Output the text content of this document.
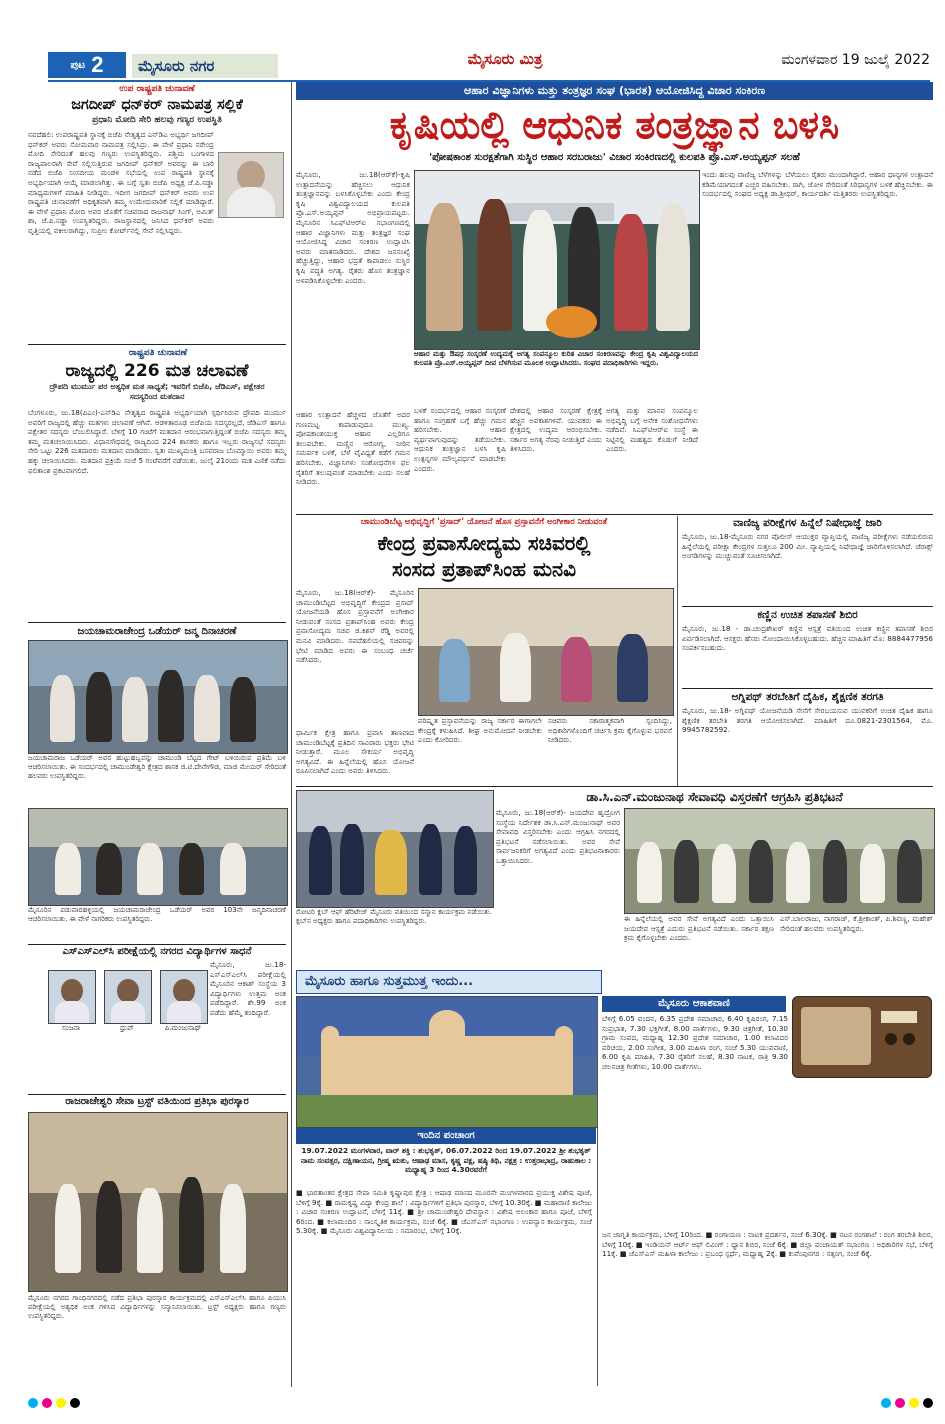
ಪುಟ 2	ಮೈಸೂರು ನಗರ	ಮೈಸೂರು ಮಿತ್ರ	ಮಂಗಳವಾರ 19 ಜುಲೈ 2022
ಉಪ ರಾಷ್ಟ್ರಪತಿ ಚುನಾವಣೆ
ಜಗದೀಪ್ ಧನ್‌ಕರ್ ನಾಮಪತ್ರ ಸಲ್ಲಿಕೆ
ಪ್ರಧಾನಿ ಮೋದಿ ಸೇರಿ ಹಲವು ಗಣ್ಯರ ಉಪಸ್ಥಿತಿ
ನವದೆಹಲಿ: ಉಪರಾಷ್ಟ್ರಪತಿ ಸ್ಥಾನಕ್ಕೆ ಬಿಜೆಪಿ ನೇತೃತ್ವದ ಎನ್‌ಡಿಎ ಅಭ್ಯರ್ಥಿ ಜಗದೀಪ್ ಧನ್‌ಕರ್ ಅವರು ಸೋಮವಾರ ನಾಮಪತ್ರ ಸಲ್ಲಿಸಿದ್ರು. ಈ ವೇಳೆ ಪ್ರಧಾನಿ ನರೇಂದ್ರ ಮೋದಿ ಸೇರಿದಂತೆ ಹಲವು ಗಣ್ಯರು ಉಪಸ್ಥಿತರಿದ್ದರು. ಪಶ್ಚಿಮ ಬಂಗಾಳದ ರಾಜ್ಯಪಾಲರಾಗಿ ಸೇವೆ ಸಲ್ಲಿಸುತ್ತಿರುವ ಜಗದೀಪ್ ಧನ್‌ಕರ್ ಅವರನ್ನು ಈ ಬಾರಿ ನಡೆದ ಬಿಜೆಪಿ ಸಂಸದೀಯ ಮಂಡಳಿ ಸಭೆಯಲ್ಲಿ ಉಪ ರಾಷ್ಟ್ರಪತಿ ಸ್ಥಾನಕ್ಕೆ ಅಭ್ಯರ್ಥಿಯಾಗಿ ಆಯ್ಕೆ ಮಾಡಲಾಗಿತ್ತು. ಈ ಬಗ್ಗೆ ಸ್ವತಃ ಬಿಜೆಪಿ ಅಧ್ಯಕ್ಷ ಜೆ.ಪಿ.ನಡ್ಡಾ ಮಾಧ್ಯಮಗಳಿಗೆ ಮಾಹಿತಿ ನೀಡಿದ್ದರು. ಇದೀಗ ಜಗದೀಪ್ ಧನ್‌ಕರ್ ಅವರು ಉಪ ರಾಷ್ಟ್ರಪತಿ ಚುನಾವಣೆಗೆ ಅಧಿಕೃತವಾಗಿ ತಮ್ಮ ಉಮೇದುವಾರಿಕೆ ಸಲ್ಲಿಕೆ ಮಾಡಿದ್ದಾರೆ. ಈ ವೇಳೆ ಪ್ರಧಾನಿ ಮೋದಿ ಅವರ ಜೊತೆಗೆ ಸಚಿವರಾದ ರಾಜನಾಥ್ ಸಿಂಗ್, ಅಮಿತ್ ಶಾ, ಜೆ.ಪಿ.ನಡ್ಡಾ ಉಪಸ್ಥಿತರಿದ್ದರು. ರಾಜಸ್ಥಾನದಲ್ಲಿ ಜನಿಸಿದ ಧನ್‌ಕರ್ ಅವರು ವೃತ್ತಿಯಲ್ಲಿ ವಕೀಲರಾಗಿದ್ದು, ಸುಪ್ರೀಂ ಕೋರ್ಟ್‌ನಲ್ಲಿ ಸೇವೆ ಸಲ್ಲಿಸಿದ್ದರು.
ರಾಷ್ಟ್ರಪತಿ ಚುನಾವಣೆ
ರಾಜ್ಯದಲ್ಲಿ 226 ಮತ ಚಲಾವಣೆ
ದ್ರೌಪದಿ ಮುರ್ಮು ಪರ ಅತ್ಯಧಿಕ ಮತ ಸಾಧ್ಯತೆ; ಇವರಿಗೆ ಬಿಜೆಪಿ, ಜೆಡಿಎಸ್, ಪಕ್ಷೇತರ ಸದಸ್ಯರಿಂದ ಮತದಾನ
ಬೆಂಗಳೂರು, ಜು.18(ಪಿಎಂ)-ಎನ್‌ಡಿಎ ನೇತೃತ್ವದ ರಾಷ್ಟ್ರಪತಿ ಅಭ್ಯರ್ಥಿಯಾಗಿ ಸ್ಪರ್ಧಿಸಿರುವ ದ್ರೌಪದಿ ಮುರ್ಮು ಅವರಿಗೆ ರಾಜ್ಯದಲ್ಲಿ ಹೆಚ್ಚು ಮತಗಳು ಚಲಾವಣೆ ಆಗಿವೆ. ಆಡಳಿತಾರೂಢ ಬಿಜೆಪಿಯ ಸದಸ್ಯರಲ್ಲದೆ, ಜೆಡಿಎಸ್ ಹಾಗೂ ಪಕ್ಷೇತರ ಸದಸ್ಯರು ಬೆಂಬಲಿಸಿದ್ದಾರೆ. ಬೆಳಿಗ್ಗೆ 10 ಗಂಟೆಗೆ ಮತದಾನ ಆರಂಭವಾಗುತ್ತಿದ್ದಂತೆ ಬಿಜೆಪಿ ಸದಸ್ಯರು ತಮ್ಮ ತಮ್ಮ ಮತಚಲಾಯಿಸಿದರು. ವಿಧಾನಸೌಧದಲ್ಲಿ ರಾಜ್ಯದಿಂದ 224 ಶಾಸಕರು ಹಾಗೂ ಇಬ್ಬರು ರಾಜ್ಯಸಭೆ ಸದಸ್ಯರು ಸೇರಿ ಒಟ್ಟು 226 ಮತದಾರರು ಮತದಾನ ಮಾಡಿದರು. ಸ್ವತಃ ಮುಖ್ಯಮಂತ್ರಿ ಬಸವರಾಜ ಬೊಮ್ಮಾಯಿ ಅವರು ತಮ್ಮ ಹಕ್ಕು ಚಲಾಯಿಸಿದರು. ಮತದಾನ ಪ್ರಕ್ರಿಯೆ ಸಂಜೆ 5 ಗಂಟೆವರೆಗೆ ನಡೆಯಿತು. ಜುಲೈ 21ರಂದು ಮತ ಎಣಿಕೆ ನಡೆದು ಫಲಿತಾಂಶ ಪ್ರಕಟವಾಗಲಿದೆ.
ಜಯಚಾಮರಾಜೇಂದ್ರ ಒಡೆಯರ್ ಜನ್ಮ ದಿನಾಚರಣೆ
ಜಯಚಾಮರಾಜ ಒಡೆಯರ್ ಅವರ ಹುಟ್ಟುಹಬ್ಬವನ್ನು ಚಾಮುಂಡಿ ಬೆಟ್ಟದ ಗೇಟ್ ಬಳಿಯಿರುವ ಪ್ರತಿಮೆ ಬಳಿ ಆಚರಿಸಲಾಯಿತು. ಈ ಸಂದರ್ಭದಲ್ಲಿ ಚಾಮುಂಡೇಶ್ವರಿ ಕ್ಷೇತ್ರದ ಶಾಸಕ ಜಿ.ಟಿ.ದೇವೇಗೌಡ, ಮಾಜಿ ಮೇಯರ್ ಸೇರಿದಂತೆ ಹಲವರು ಉಪಸ್ಥಿತರಿದ್ದರು.
ಮೈಸೂರಿನ ಪಡುವಾರಹಳ್ಳಿಯಲ್ಲಿ ಜಯಚಾಮರಾಜೇಂದ್ರ ಒಡೆಯರ್ ಅವರ 103ನೇ ಜನ್ಮದಿನಾಚರಣೆ ಆಚರಿಸಲಾಯಿತು. ಈ ವೇಳೆ ನಾಗರಿಕರು ಉಪಸ್ಥಿತರಿದ್ದರು.
ಎಸ್‌ಎಸ್‌ಎಲ್‌ಸಿ ಪರೀಕ್ಷೆಯಲ್ಲಿ ನಗರದ ವಿದ್ಯಾರ್ಥಿಗಳ ಸಾಧನೆ
ಸಂಜನಾ	ಧ್ರುವ್	ಪಿ.ಮಂಜುನಾಥ್
ಮೈಸೂರು, ಜು.18- ಎಸ್‌ಎಸ್‌ಎಲ್‌ಸಿ ಪರೀಕ್ಷೆಯಲ್ಲಿ ಮೈಸೂರಿನ ಆಕಾಶ್ ಸಂಸ್ಥೆಯ 3 ವಿದ್ಯಾರ್ಥಿಗಳು ಉತ್ತಮ ಅಂಕ ಪಡೆದಿದ್ದಾರೆ. ಶೇ.99 ಅಂಕ ಪಡೆದು ಹೆಮ್ಮೆ ತಂದಿದ್ದಾರೆ.
ರಾಜರಾಜೇಶ್ವರಿ ಸೇವಾ ಟ್ರಸ್ಟ್ ವತಿಯಿಂದ ಪ್ರತಿಭಾ ಪುರಸ್ಕಾರ
ಮೈಸೂರು ನಗರದ ಗಾಂಧಿನಗರದಲ್ಲಿ ನಡೆದ ಪ್ರತಿಭಾ ಪುರಸ್ಕಾರ ಕಾರ್ಯಕ್ರಮದಲ್ಲಿ ಎಸ್‌ಎಸ್‌ಎಲ್‌ಸಿ ಹಾಗೂ ಪಿಯುಸಿ ಪರೀಕ್ಷೆಯಲ್ಲಿ ಅತ್ಯಧಿಕ ಅಂಕ ಗಳಿಸಿದ ವಿದ್ಯಾರ್ಥಿಗಳನ್ನು ಸನ್ಮಾನಿಸಲಾಯಿತು. ಟ್ರಸ್ಟ್ ಅಧ್ಯಕ್ಷರು ಹಾಗೂ ಗಣ್ಯರು ಉಪಸ್ಥಿತರಿದ್ದರು.
ಆಹಾರ ವಿಜ್ಞಾನಿಗಳು ಮತ್ತು ತಂತ್ರಜ್ಞರ ಸಂಘ (ಭಾರತ) ಆಯೋಜಿಸಿದ್ದ ವಿಚಾರ ಸಂಕಿರಣ
ಕೃಷಿಯಲ್ಲಿ ಆಧುನಿಕ ತಂತ್ರಜ್ಞಾನ ಬಳಸಿ
'ಪೋಷಕಾಂಶ ಸುರಕ್ಷತೆಗಾಗಿ ಸುಸ್ಥಿರ ಆಹಾರ ಸರಬರಾಜು' ವಿಚಾರ ಸಂಕಿರಣದಲ್ಲಿ ಕುಲಪತಿ ಪ್ರೊ.ಎಸ್.ಅಯ್ಯಪ್ಪನ್ ಸಲಹೆ
ಮೈಸೂರು, ಜು.18(ಆರ್‌ಕೆ)-ಕೃಷಿ ಉತ್ಪಾದನೆಯನ್ನು ಹೆಚ್ಚಿಸಲು ಆಧುನಿಕ ತಂತ್ರಜ್ಞಾನವನ್ನು ಬಳಸಿಕೊಳ್ಳಬೇಕು ಎಂದು ಕೇಂದ್ರ ಕೃಷಿ ವಿಶ್ವವಿದ್ಯಾಲಯದ ಕುಲಪತಿ ಪ್ರೊ.ಎಸ್.ಅಯ್ಯಪ್ಪನ್ ಅಭಿಪ್ರಾಯಪಟ್ಟರು. ಮೈಸೂರಿನ ಸಿಎಫ್‌ಟಿಆರ್‌ಐ ಸಭಾಂಗಣದಲ್ಲಿ ಆಹಾರ ವಿಜ್ಞಾನಿಗಳು ಮತ್ತು ತಂತ್ರಜ್ಞರ ಸಂಘ ಆಯೋಜಿಸಿದ್ದ ವಿಚಾರ ಸಂಕಿರಣ ಉದ್ಘಾಟಿಸಿ ಅವರು ಮಾತನಾಡಿದರು. ದೇಶದ ಜನಸಂಖ್ಯೆ ಹೆಚ್ಚುತ್ತಿದ್ದು, ಆಹಾರ ಭದ್ರತೆ ಕಾಪಾಡಲು ಸುಸ್ಥಿರ ಕೃಷಿ ಪದ್ಧತಿ ಅಗತ್ಯ. ರೈತರು ಹೊಸ ತಂತ್ರಜ್ಞಾನ ಅಳವಡಿಸಿಕೊಳ್ಳಬೇಕು ಎಂದರು.
ಇಂದು ಹಲವು ವಾಣಿಜ್ಯ ಬೆಳೆಗಳನ್ನು ಬೆಳೆಯಲು ರೈತರು ಮುಂದಾಗಿದ್ದಾರೆ. ಆಹಾರ ಧಾನ್ಯಗಳ ಉತ್ಪಾದನೆ ಕಡಿಮೆಯಾಗದಂತೆ ಎಚ್ಚರ ವಹಿಸಬೇಕು. ರಾಗಿ, ಜೋಳ ಸೇರಿದಂತೆ ಸಿರಿಧಾನ್ಯಗಳ ಬಳಕೆ ಹೆಚ್ಚಿಸಬೇಕು. ಈ ಸಂದರ್ಭದಲ್ಲಿ ಸಂಘದ ಅಧ್ಯಕ್ಷ ಡಾ.ಶ್ರೀಧರ್, ಕಾರ್ಯದರ್ಶಿ ಮತ್ತಿತರರು ಉಪಸ್ಥಿತರಿದ್ದರು.
ಆಹಾರ ಮತ್ತು ಔಷಧ ಸಂಸ್ಕರಣೆ ಉದ್ಯಮಕ್ಕೆ ಅಗತ್ಯ ಸಂಪನ್ಮೂಲ ಕುರಿತ ವಿಚಾರ ಸಂಕಿರಣವನ್ನು ಕೇಂದ್ರ ಕೃಷಿ ವಿಶ್ವವಿದ್ಯಾಲಯದ ಕುಲಪತಿ ಪ್ರೊ.ಎಸ್.ಅಯ್ಯಪ್ಪನ್ ದೀಪ ಬೆಳಗಿಸುವ ಮೂಲಕ ಉದ್ಘಾಟಿಸಿದರು. ಸಂಘದ ಪದಾಧಿಕಾರಿಗಳು ಇದ್ದರು.
ಆಹಾರ ಉತ್ಪಾದನೆ ಹೆಚ್ಚಳದ ಜೊತೆಗೆ ಅದರ ಗುಣಮಟ್ಟ ಕಾಪಾಡುವುದೂ ಮುಖ್ಯ. ಪೋಷಕಾಂಶಯುಕ್ತ ಆಹಾರ ಎಲ್ಲರಿಗೂ ತಲುಪಬೇಕು. ಮಣ್ಣಿನ ಆರೋಗ್ಯ, ನೀರಿನ ಸಮರ್ಪಕ ಬಳಕೆ, ಬೆಳೆ ವೈವಿಧ್ಯತೆ ಕಡೆಗೆ ಗಮನ ಹರಿಸಬೇಕು. ವಿಜ್ಞಾನಿಗಳು ಸಂಶೋಧನೆಗಳ ಫಲ ರೈತರಿಗೆ ತಲುಪುವಂತೆ ಮಾಡಬೇಕು ಎಂದು ಸಲಹೆ ನೀಡಿದರು.
ಬಳಕೆ ಸಂದರ್ಭದಲ್ಲಿ ಆಹಾರ ಸಂಸ್ಕರಣೆ ಹಾಗೂ ಸಂಗ್ರಹಣೆ ಬಗ್ಗೆ ಹೆಚ್ಚು ಗಮನ ಹರಿಸಬೇಕು. ಆಹಾರ ವ್ಯರ್ಥವಾಗುವುದನ್ನು ತಡೆಯಬೇಕು. ಆಧುನಿಕ ತಂತ್ರಜ್ಞಾನ ಬಳಸಿ ಕೃಷಿ ಉತ್ಪನ್ನಗಳ ಮೌಲ್ಯವರ್ಧನೆ ಮಾಡಬೇಕು ಎಂದರು.
ದೇಶದಲ್ಲಿ ಆಹಾರ ಸಂಸ್ಕರಣೆ ಕ್ಷೇತ್ರಕ್ಕೆ ಹೆಚ್ಚಿನ ಅವಕಾಶಗಳಿವೆ. ಯುವಕರು ಈ ಕ್ಷೇತ್ರದಲ್ಲಿ ಉದ್ಯಮ ಆರಂಭಿಸಬೇಕು. ಸರ್ಕಾರ ಅಗತ್ಯ ನೆರವು ನೀಡುತ್ತಿದೆ ಎಂದು ತಿಳಿಸಿದರು.
ಅಗತ್ಯ ಮತ್ತು ಮಾನವ ಸಂಪನ್ಮೂಲ ಅಭಿವೃದ್ಧಿ ಬಗ್ಗೆ ಅನೇಕ ಸಂಶೋಧನೆಗಳು ನಡೆದಿವೆ. ಸಿಎಫ್‌ಟಿಆರ್‌ಐ ಸಂಸ್ಥೆ ಈ ನಿಟ್ಟಿನಲ್ಲಿ ಮಹತ್ವದ ಕೊಡುಗೆ ನೀಡಿದೆ ಎಂದರು.
ಚಾಮುಂಡಿಬೆಟ್ಟ ಅಭಿವೃದ್ಧಿಗೆ 'ಪ್ರಸಾದ್' ಯೋಜನೆ ಹೊಸ ಪ್ರಸ್ತಾವನೆಗೆ ಅಂಗೀಕಾರ ನೀಡುವಂತೆ
ಕೇಂದ್ರ ಪ್ರವಾಸೋದ್ಯಮ ಸಚಿವರಲ್ಲಿ
ಸಂಸದ ಪ್ರತಾಪ್‌ಸಿಂಹ ಮನವಿ
ಮೈಸೂರು, ಜು.18(ಆರ್‌ಕೆ)- ಮೈಸೂರಿನ ಚಾಮುಂಡಿಬೆಟ್ಟದ ಅಭಿವೃದ್ಧಿಗೆ ಕೇಂದ್ರದ ಪ್ರಸಾದ್ ಯೋಜನೆಯಡಿ ಹೊಸ ಪ್ರಸ್ತಾವನೆಗೆ ಅಂಗೀಕಾರ ನೀಡುವಂತೆ ಸಂಸದ ಪ್ರತಾಪ್‌ಸಿಂಹ ಅವರು ಕೇಂದ್ರ ಪ್ರವಾಸೋದ್ಯಮ ಸಚಿವ ಜಿ.ಕಿಶನ್ ರೆಡ್ಡಿ ಅವರಲ್ಲಿ ಮನವಿ ಮಾಡಿದರು. ನವದೆಹಲಿಯಲ್ಲಿ ಸಚಿವರನ್ನು ಭೇಟಿ ಮಾಡಿದ ಅವರು ಈ ಸಂಬಂಧ ಚರ್ಚೆ ನಡೆಸಿದರು.
ಧಾರ್ಮಿಕ ಕ್ಷೇತ್ರ ಹಾಗೂ ಪ್ರವಾಸಿ ತಾಣವಾದ ಚಾಮುಂಡಿಬೆಟ್ಟಕ್ಕೆ ಪ್ರತಿದಿನ ಸಾವಿರಾರು ಭಕ್ತರು ಭೇಟಿ ನೀಡುತ್ತಾರೆ. ಮೂಲ ಸೌಕರ್ಯ ಅಭಿವೃದ್ಧಿ ಅಗತ್ಯವಿದೆ. ಈ ಹಿನ್ನೆಲೆಯಲ್ಲಿ ಹೊಸ ಯೋಜನೆ ರೂಪಿಸಲಾಗಿದೆ ಎಂದು ಅವರು ತಿಳಿಸಿದರು.
ಪರಿಷ್ಕೃತ ಪ್ರಸ್ತಾವನೆಯನ್ನು ರಾಜ್ಯ ಸರ್ಕಾರ ಈಗಾಗಲೇ ಕೇಂದ್ರಕ್ಕೆ ಕಳುಹಿಸಿದೆ. ಶೀಘ್ರ ಅನುಮೋದನೆ ನೀಡಬೇಕು ಎಂದು ಕೋರಿದರು.
ಸಚಿವರು ಸಕಾರಾತ್ಮಕವಾಗಿ ಸ್ಪಂದಿಸಿದ್ದು, ಅಧಿಕಾರಿಗಳೊಂದಿಗೆ ಚರ್ಚಿಸಿ ಕ್ರಮ ಕೈಗೊಳ್ಳುವ ಭರವಸೆ ನೀಡಿದರು.
ವಾಣಿಜ್ಯ ಪರೀಕ್ಷೆಗಳ ಹಿನ್ನೆಲೆ ನಿಷೇಧಾಜ್ಞೆ ಜಾರಿ
ಮೈಸೂರು, ಜು.18-ಮೈಸೂರು ನಗರ ಪೊಲೀಸ್ ಆಯುಕ್ತರ ವ್ಯಾಪ್ತಿಯಲ್ಲಿ ವಾಣಿಜ್ಯ ಪರೀಕ್ಷೆಗಳು ನಡೆಯಲಿರುವ ಹಿನ್ನೆಲೆಯಲ್ಲಿ ಪರೀಕ್ಷಾ ಕೇಂದ್ರಗಳ ಸುತ್ತಲೂ 200 ಮೀ. ವ್ಯಾಪ್ತಿಯಲ್ಲಿ ನಿಷೇಧಾಜ್ಞೆ ಜಾರಿಗೊಳಿಸಲಾಗಿದೆ. ಜೆರಾಕ್ಸ್ ಅಂಗಡಿಗಳನ್ನು ಮುಚ್ಚುವಂತೆ ಸೂಚಿಸಲಾಗಿದೆ.
ಕಣ್ಣಿನ ಉಚಿತ ತಪಾಸಣೆ ಶಿಬಿರ
ಮೈಸೂರು, ಜು.18 - ಡಾ.ಚಂದ್ರಶೇಖರ್ ಕಣ್ಣಿನ ಆಸ್ಪತ್ರೆ ವತಿಯಿಂದ ಉಚಿತ ಕಣ್ಣಿನ ತಪಾಸಣೆ ಶಿಬಿರ ಏರ್ಪಡಿಸಲಾಗಿದೆ. ಆಸಕ್ತರು ಹೆಸರು ನೋಂದಾಯಿಸಿಕೊಳ್ಳಬಹುದು. ಹೆಚ್ಚಿನ ಮಾಹಿತಿಗೆ ಮೊ: 8884477956 ಸಂಪರ್ಕಿಸಬಹುದು.
ಅಗ್ನಿಪಥ್ ತರಬೇತಿಗೆ ದೈಹಿಕ, ಶೈಕ್ಷಣಿಕ ತರಗತಿ
ಮೈಸೂರು, ಜು.18- ಅಗ್ನಿಪಥ್ ಯೋಜನೆಯಡಿ ಸೇನೆಗೆ ಸೇರಬಯಸುವ ಯುವಕರಿಗೆ ಉಚಿತ ದೈಹಿಕ ಹಾಗೂ ಶೈಕ್ಷಣಿಕ ತರಬೇತಿ ತರಗತಿ ಆಯೋಜಿಸಲಾಗಿದೆ. ಮಾಹಿತಿಗೆ ದೂ.0821-2301564, ಮೊ. 9945782592.
ರೋಟರಿ ಕ್ಲಬ್ ಆಫ್ ಹೆರಿಟೇಜ್ ಮೈಸೂರು ವತಿಯಿಂದ ಸನ್ಮಾನ ಕಾರ್ಯಕ್ರಮ ನಡೆಯಿತು. ಕ್ಲಬ್‌ನ ಅಧ್ಯಕ್ಷರು ಹಾಗೂ ಪದಾಧಿಕಾರಿಗಳು ಉಪಸ್ಥಿತರಿದ್ದರು.
ಡಾ.ಸಿ.ಎನ್.ಮಂಜುನಾಥ ಸೇವಾವಧಿ ವಿಸ್ತರಣೆಗೆ ಆಗ್ರಹಿಸಿ ಪ್ರತಿಭಟನೆ
ಮೈಸೂರು, ಜು.18(ಆರ್‌ಕೆ)- ಜಯದೇವ ಹೃದ್ರೋಗ ಸಂಸ್ಥೆಯ ನಿರ್ದೇಶಕ ಡಾ.ಸಿ.ಎನ್.ಮಂಜುನಾಥ್ ಅವರ ಸೇವಾವಧಿ ವಿಸ್ತರಿಸಬೇಕು ಎಂದು ಆಗ್ರಹಿಸಿ ನಗರದಲ್ಲಿ ಪ್ರತಿಭಟನೆ ನಡೆಸಲಾಯಿತು. ಅವರ ಸೇವೆ ಸಾರ್ವಜನಿಕರಿಗೆ ಅಗತ್ಯವಿದೆ ಎಂದು ಪ್ರತಿಭಟನಾಕಾರರು ಒತ್ತಾಯಿಸಿದರು.
ಈ ಹಿನ್ನೆಲೆಯಲ್ಲಿ ಅವರ ಸೇವೆ ಅಗತ್ಯವಿದೆ ಎಂದು ಒತ್ತಾಯಿಸಿ ಜಯದೇವ ಆಸ್ಪತ್ರೆ ಎದುರು ಪ್ರತಿಭಟನೆ ನಡೆಯಿತು. ಸರ್ಕಾರ ತಕ್ಷಣ ಕ್ರಮ ಕೈಗೊಳ್ಳಬೇಕು ಎಂದರು.
ಎಸ್.ಬಾಲರಾಜು, ನಾಗರಾಜ್, ಕೆ.ಶ್ರೀಕಾಂತ್, ಪಿ.ಶಿವಣ್ಣ, ಮಹೇಶ್ ಸೇರಿದಂತೆ ಹಲವರು ಉಪಸ್ಥಿತರಿದ್ದರು.
ಮೈಸೂರು ಹಾಗೂ ಸುತ್ತಮುತ್ತ ಇಂದು...
ಇಂದಿನ ಪಂಚಾಂಗ
19.07.2022 ಮಂಗಳವಾರ, ವಾರ್ ಶಕ್ತಿ : ಶುಭಕೃತ್, 06.07.2022 ರಿಂದ 19.07.2022 ಶ್ರೀ ಶುಭಕೃತ್ ನಾಮ ಸಂವತ್ಸರ, ದಕ್ಷಿಣಾಯನ, ಗ್ರೀಷ್ಮ ಋತು, ಆಷಾಢ ಮಾಸ, ಕೃಷ್ಣ ಪಕ್ಷ, ಷಷ್ಠಿ ತಿಥಿ, ನಕ್ಷತ್ರ : ಉತ್ತರಾಭಾದ್ರ, ರಾಹುಕಾಲ : ಮಧ್ಯಾಹ್ನ 3 ರಿಂದ 4.30ರವರೆಗೆ
■ ಭಾರತಾಂತರ ಕ್ಷೇತ್ರದ ಸೇವಾ ಸಮಿತಿ ಕೃಷ್ಣಾಪುರ ಕ್ಷೇತ್ರ : ಆಷಾಢ ಮಾಸದ ಮೂರನೇ ಮಂಗಳವಾರದ ಪ್ರಯುಕ್ತ ವಿಶೇಷ ಪೂಜೆ, ಬೆಳಿಗ್ಗೆ 9ಕ್ಕೆ. ■ ರಾಮಕೃಷ್ಣ ವಿದ್ಯಾ ಕೇಂದ್ರ ಶಾಲೆ : ವಿದ್ಯಾರ್ಥಿಗಳಿಗೆ ಪ್ರತಿಭಾ ಪುರಸ್ಕಾರ, ಬೆಳಿಗ್ಗೆ 10.30ಕ್ಕೆ. ■ ಮಹಾರಾಣಿ ಕಾಲೇಜು : ವಿಚಾರ ಸಂಕಿರಣ ಉದ್ಘಾಟನೆ, ಬೆಳಿಗ್ಗೆ 11ಕ್ಕೆ. ■ ಶ್ರೀ ಚಾಮುಂಡೇಶ್ವರಿ ದೇವಸ್ಥಾನ : ವಿಶೇಷ ಅಲಂಕಾರ ಹಾಗೂ ಪೂಜೆ, ಬೆಳಿಗ್ಗೆ 6ರಿಂದ. ■ ಕಲಾಮಂದಿರ : ಸಾಂಸ್ಕೃತಿಕ ಕಾರ್ಯಕ್ರಮ, ಸಂಜೆ 6ಕ್ಕೆ. ■ ಜೆಎಸ್‌ಎಸ್ ಸಭಾಂಗಣ : ಉಪನ್ಯಾಸ ಕಾರ್ಯಕ್ರಮ, ಸಂಜೆ 5.30ಕ್ಕೆ. ■ ಮೈಸೂರು ವಿಶ್ವವಿದ್ಯಾನಿಲಯ : ಸಮಾರಂಭ, ಬೆಳಿಗ್ಗೆ 10ಕ್ಕೆ.
ಮೈಸೂರು ಆಕಾಶವಾಣಿ
ಬೆಳಿಗ್ಗೆ 6.05 ವಂದನ, 6.35 ಪ್ರದೇಶ ಸಮಾಚಾರ, 6.40 ಕೃಷಿರಂಗ, 7.15 ಸುಪ್ರಭಾತ, 7.30 ಭಕ್ತಿಗೀತೆ, 8.00 ವಾರ್ತೆಗಳು, 9.30 ಚಿತ್ರಗೀತೆ, 10.30 ಗ್ರಾಮ ಸಂಪದ, ಮಧ್ಯಾಹ್ನ 12.30 ಪ್ರದೇಶ ಸಮಾಚಾರ, 1.00 ಕಲಾವಿದರ ಪರಿಚಯ, 2.00 ಸಂಗೀತ, 3.00 ಮಹಿಳಾ ರಂಗ, ಸಂಜೆ 5.30 ಯುವವಾಣಿ, 6.00 ಕೃಷಿ ಮಾಹಿತಿ, 7.30 ರೈತರಿಗೆ ಸಲಹೆ, 8.30 ನಾಟಕ, ರಾತ್ರಿ 9.30 ಚಲನಚಿತ್ರ ಗೀತೆಗಳು, 10.00 ವಾರ್ತೆಗಳು.
ಜನ ಜಾಗೃತಿ ಕಾರ್ಯಕ್ರಮ, ಬೆಳಿಗ್ಗೆ 10ರಿಂದ. ■ ರಂಗಾಯಣ : ನಾಟಕ ಪ್ರದರ್ಶನ, ಸಂಜೆ 6.30ಕ್ಕೆ. ■ ನಟನ ರಂಗಶಾಲೆ : ರಂಗ ತರಬೇತಿ ಶಿಬಿರ, ಬೆಳಿಗ್ಗೆ 10ಕ್ಕೆ. ■ ಇಂಡಿಯನ್ ಆರ್ಟ್ ಆಫ್ ಲಿವಿಂಗ್ : ಧ್ಯಾನ ಶಿಬಿರ, ಸಂಜೆ 6ಕ್ಕೆ. ■ ಜಿಲ್ಲಾ ಪಂಚಾಯತ್ ಸಭಾಂಗಣ : ಅಧಿಕಾರಿಗಳ ಸಭೆ, ಬೆಳಿಗ್ಗೆ 11ಕ್ಕೆ. ■ ಜೆಎಸ್‌ಎಸ್ ಮಹಿಳಾ ಕಾಲೇಜು : ಪ್ರಬಂಧ ಸ್ಪರ್ಧೆ, ಮಧ್ಯಾಹ್ನ 2ಕ್ಕೆ. ■ ಕುವೆಂಪುನಗರ : ಸತ್ಸಂಗ, ಸಂಜೆ 6ಕ್ಕೆ.
